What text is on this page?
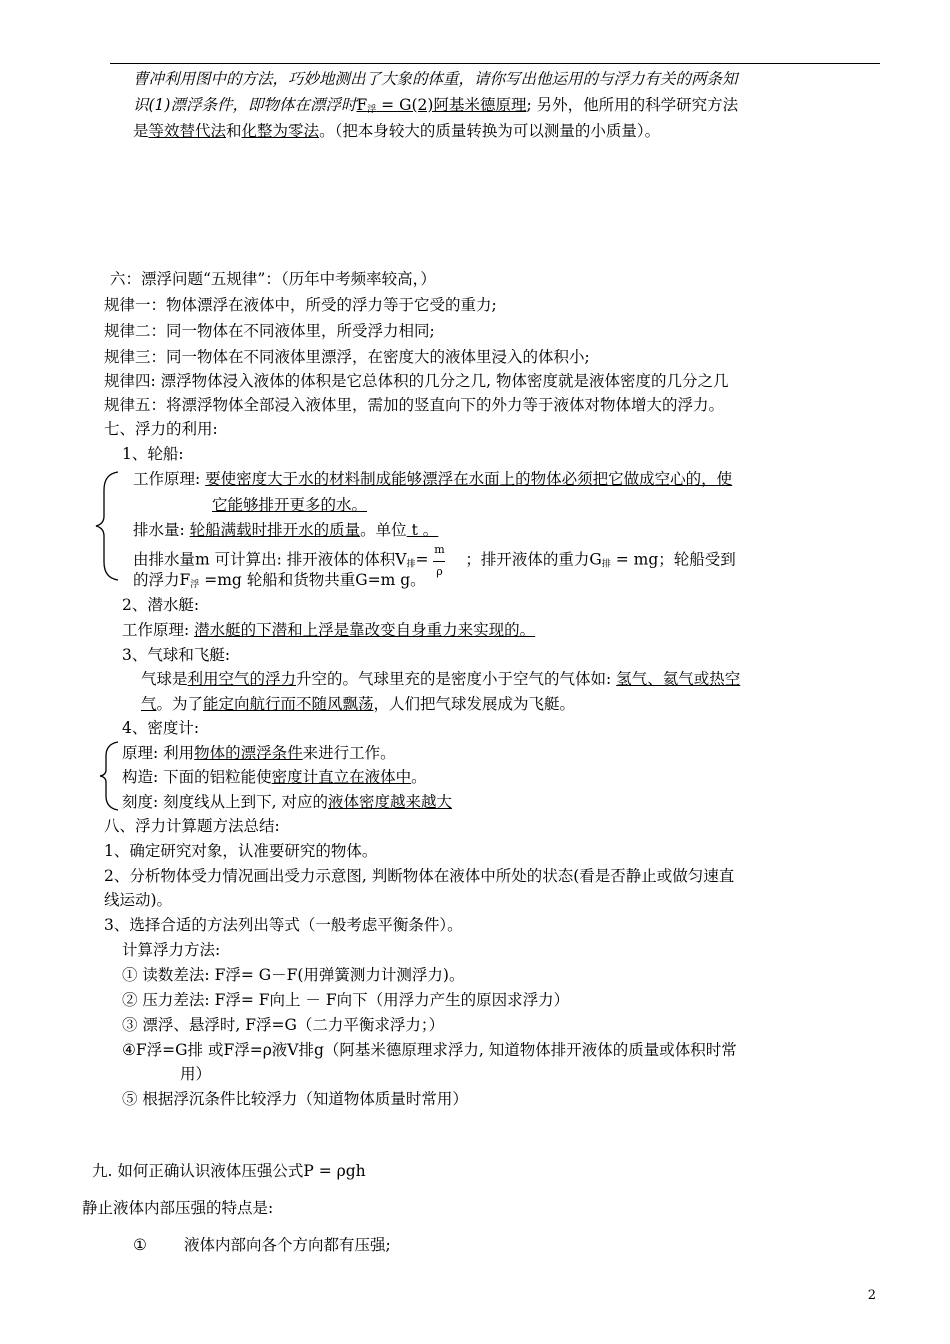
曹冲利用图中的方法，巧妙地测出了大象的体重，请你写出他运用的与浮力有关的两条知
识(1)漂浮条件，即物体在漂浮时$F_浮 = G(2)$阿基米德原理; 另外，他所用的科学研究方法
是等效替代法和化整为零法。（把本身较大的质量转换为可以测量的小质量）。
六：漂浮问题“五规律”：（历年中考频率较高，）
规律一：物体漂浮在液体中，所受的浮力等于它受的重力;
规律二：同一物体在不同液体里，所受浮力相同;
规律三：同一物体在不同液体里漂浮，在密度大的液体里浸入的体积小;
规律四: 漂浮物体浸入液体的体积是它总体积的几分之几, 物体密度就是液体密度的几分之几
规律五：将漂浮物体全部浸入液体里，需加的竖直向下的外力等于液体对物体增大的浮力。
七、浮力的利用:
1、轮船:
工作原理: 要使密度大于水的材料制成能够漂浮在水面上的物体必须把它做成空心的，使
它能够排开更多的水。
排水量: 轮船满载时排开水的质量。单位 t 。
由排水量m 可计算出: 排开液体的体积$V_排= \frac{m}{\rho}$ ；排开液体的重力$G_排$ = mg；轮船受到
的浮力$F_浮 =mg$ 轮船和货物共重G=m g。
2、潜水艇:
工作原理: 潜水艇的下潜和上浮是靠改变自身重力来实现的。
3、气球和飞艇:
气球是利用空气的浮力升空的。气球里充的是密度小于空气的气体如: 氢气、氦气或热空
气。为了能定向航行而不随风飘荡，人们把气球发展成为飞艇。
4、密度计:
原理: 利用物体的漂浮条件来进行工作。
构造: 下面的铝粒能使密度计直立在液体中。
刻度: 刻度线从上到下, 对应的液体密度越来越大
八、浮力计算题方法总结:
1、确定研究对象，认准要研究的物体。
2、分析物体受力情况画出受力示意图, 判断物体在液体中所处的状态(看是否静止或做匀速直
线运动)。
3、选择合适的方法列出等式（一般考虑平衡条件）。
计算浮力方法:
① 读数差法: F浮= G－F(用弹簧测力计测浮力)。
② 压力差法: F浮= F向上 － F向下（用浮力产生的原因求浮力）
③ 漂浮、悬浮时, F浮=G（二力平衡求浮力；）
④F浮=G排 或F浮=ρ液V排g（阿基米德原理求浮力, 知道物体排开液体的质量或体积时常
用）
⑤ 根据浮沉条件比较浮力（知道物体质量时常用）
九. 如何正确认识液体压强公式P = ρgh
静止液体内部压强的特点是:
① 液体内部向各个方向都有压强;
2
